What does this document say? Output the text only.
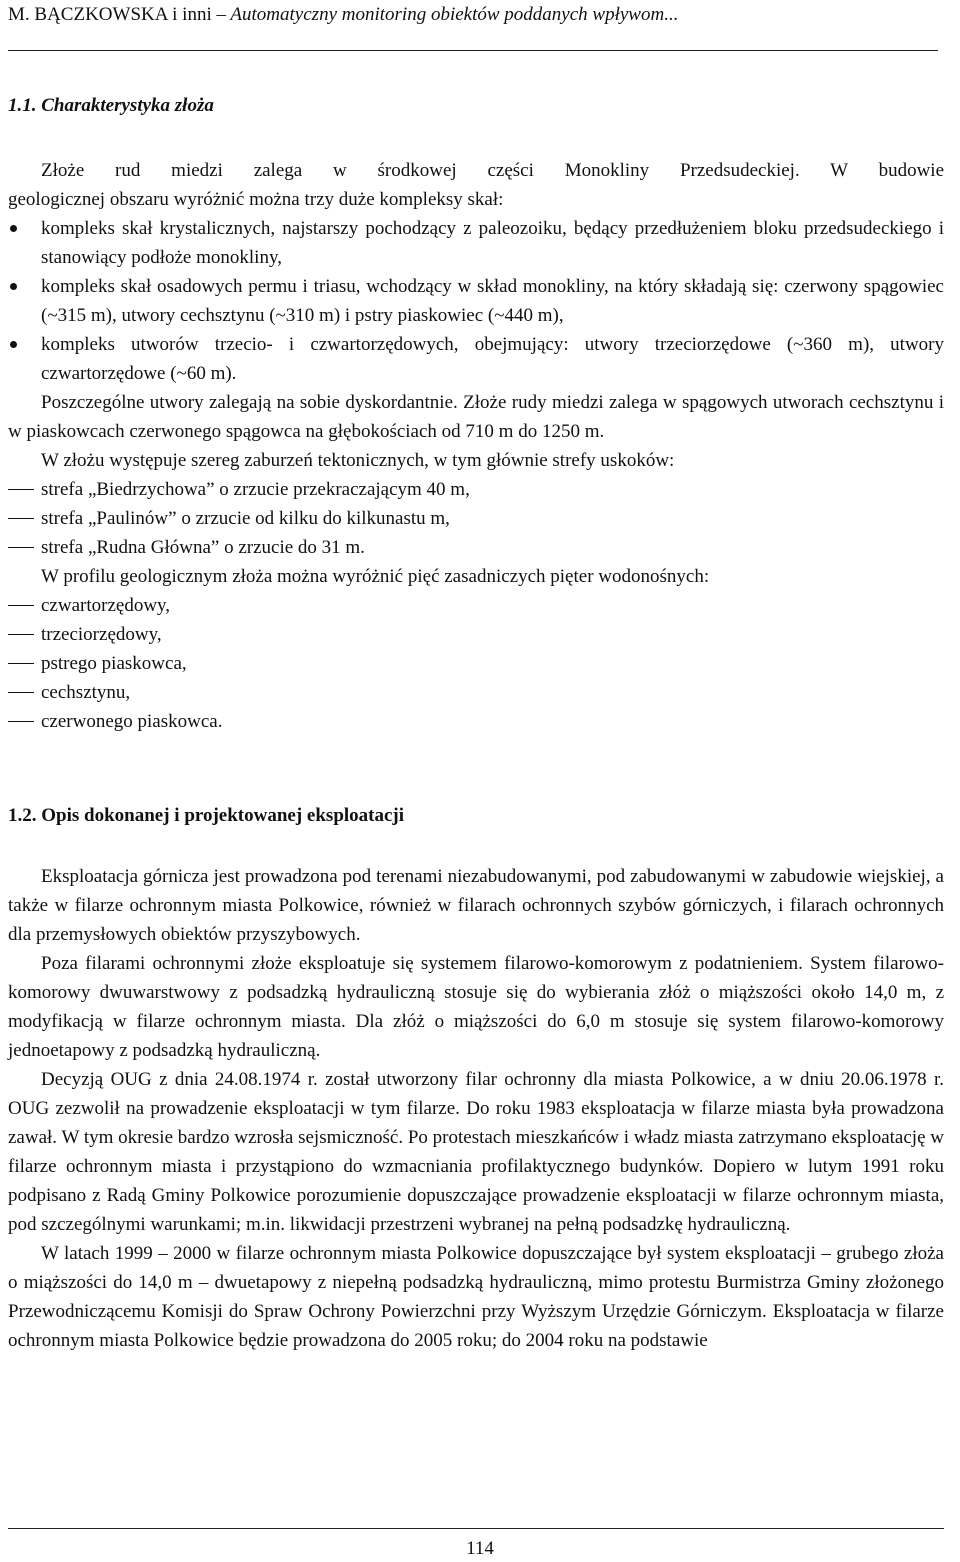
M. BĄCZKOWSKA i inni – Automatyczny monitoring obiektów poddanych wpływom...
1.1. Charakterystyka złoża

Złoże rud miedzi zalega w środkowej części Monokliny Przedsudeckiej. W budowie

geologicznej obszaru wyróżnić można trzy duże kompleksy skał:

kompleks skał krystalicznych, najstarszy pochodzący z paleozoiku, będący przedłużeniem bloku przedsudeckiego i stanowiący podłoże monokliny,
kompleks skał osadowych permu i triasu, wchodzący w skład monokliny, na który składają się: czerwony spągowiec (~315 m), utwory cechsztynu (~310 m) i pstry piaskowiec (~440 m),
kompleks utworów trzecio- i czwartorzędowych, obejmujący: utwory trzeciorzędowe (~360 m), utwory czwartorzędowe (~60 m).

Poszczególne utwory zalegają na sobie dyskordantnie. Złoże rudy miedzi zalega w spągowych utworach cechsztynu i w piaskowcach czerwonego spągowca na głębokościach od 710 m do 1250 m.

W złożu występuje szereg zaburzeń tektonicznych, w tym głównie strefy uskoków:

strefa „Biedrzychowa” o zrzucie przekraczającym 40 m,
strefa „Paulinów” o zrzucie od kilku do kilkunastu m,
strefa „Rudna Główna” o zrzucie do 31 m.

W profilu geologicznym złoża można wyróżnić pięć zasadniczych pięter wodonośnych:

czwartorzędowy,
trzeciorzędowy,
pstrego piaskowca,
cechsztynu,
czerwonego piaskowca.
1.2. Opis dokonanej i projektowanej eksploatacji

Eksploatacja górnicza jest prowadzona pod terenami niezabudowanymi, pod zabudowanymi w zabudowie wiejskiej, a także w filarze ochronnym miasta Polkowice, również w filarach ochronnych szybów górniczych, i filarach ochronnych dla przemysłowych obiektów przyszybowych.

Poza filarami ochronnymi złoże eksploatuje się systemem filarowo-komorowym z podatnieniem. System filarowo-komorowy dwuwarstwowy z podsadzką hydrauliczną stosuje się do wybierania złóż o miąższości około 14,0 m, z modyfikacją w filarze ochronnym miasta. Dla złóż o miąższości do 6,0 m stosuje się system filarowo-komorowy jednoetapowy z podsadzką hydrauliczną.

Decyzją OUG z dnia 24.08.1974 r. został utworzony filar ochronny dla miasta Polkowice, a w dniu 20.06.1978 r. OUG zezwolił na prowadzenie eksploatacji w tym filarze. Do roku 1983 eksploatacja w filarze miasta była prowadzona zawał. W tym okresie bardzo wzrosła sejsmiczność. Po protestach mieszkańców i władz miasta zatrzymano eksploatację w filarze ochronnym miasta i przystąpiono do wzmacniania profilaktycznego budynków. Dopiero w lutym 1991 roku podpisano z Radą Gminy Polkowice porozumienie dopuszczające prowadzenie eksploatacji w filarze ochronnym miasta, pod szczególnymi warunkami; m.in. likwidacji przestrzeni wybranej na pełną podsadzkę hydrauliczną.

W latach 1999 – 2000 w filarze ochronnym miasta Polkowice dopuszczające był system eksploatacji – grubego złoża o miąższości do 14,0 m – dwuetapowy z niepełną podsadzką hydrauliczną, mimo protestu Burmistrza Gminy złożonego Przewodniczącemu Komisji do Spraw Ochrony Powierzchni przy Wyższym Urzędzie Górniczym. Eksploatacja w filarze ochronnym miasta Polkowice będzie prowadzona do 2005 roku; do 2004 roku na podstawie

114
